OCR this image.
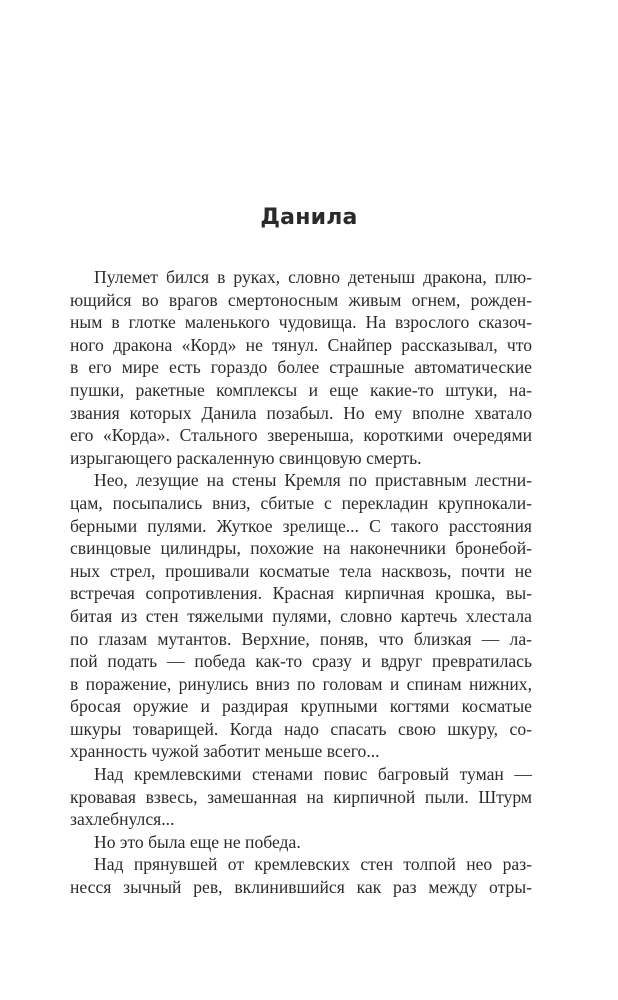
Данила
Пулемет бился в руках, словно детеныш дракона, плю-
ющийся во врагов смертоносным живым огнем, рожден-
ным в глотке маленького чудовища. На взрослого сказоч-
ного дракона «Корд» не тянул. Снайпер рассказывал, что
в его мире есть гораздо более страшные автоматические
пушки, ракетные комплексы и еще какие-то штуки, на-
звания которых Данила позабыл. Но ему вполне хватало
его «Корда». Стального звереныша, короткими очередями
изрыгающего раскаленную свинцовую смерть.
Нео, лезущие на стены Кремля по приставным лестни-
цам, посыпались вниз, сбитые с перекладин крупнокали-
берными пулями. Жуткое зрелище... С такого расстояния
свинцовые цилиндры, похожие на наконечники бронебой-
ных стрел, прошивали косматые тела насквозь, почти не
встречая сопротивления. Красная кирпичная крошка, вы-
битая из стен тяжелыми пулями, словно картечь хлестала
по глазам мутантов. Верхние, поняв, что близкая — ла-
пой подать — победа как-то сразу и вдруг превратилась
в поражение, ринулись вниз по головам и спинам нижних,
бросая оружие и раздирая крупными когтями косматые
шкуры товарищей. Когда надо спасать свою шкуру, со-
хранность чужой заботит меньше всего...
Над кремлевскими стенами повис багровый туман —
кровавая взвесь, замешанная на кирпичной пыли. Штурм
захлебнулся...
Но это была еще не победа.
Над прянувшей от кремлевских стен толпой нео раз-
несся зычный рев, вклинившийся как раз между отры-
